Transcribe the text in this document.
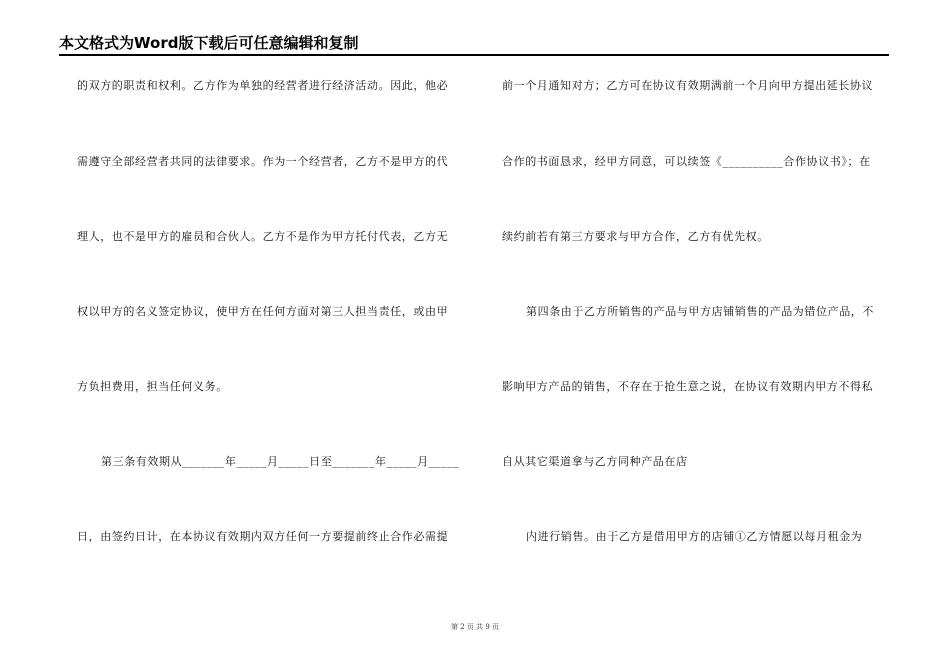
本文格式为Word版下载后可任意编辑和复制
的双方的职责和权利。乙方作为单独的经营者进行经济活动。因此，他必
需遵守全部经营者共同的法律要求。作为一个经营者，乙方不是甲方的代
理人，也不是甲方的雇员和合伙人。乙方不是作为甲方托付代表，乙方无
权以甲方的名义签定协议，使甲方在任何方面对第三人担当责任，或由甲
方负担费用，担当任何义务。
第三条有效期从_______年_____月_____日至_______年_____月_____
日，由签约日计，在本协议有效期内双方任何一方要提前终止合作必需提
前一个月通知对方；乙方可在协议有效期满前一个月向甲方提出延长协议
合作的书面恳求，经甲方同意，可以续签《__________合作协议书》；在
续约前若有第三方要求与甲方合作，乙方有优先权。
第四条由于乙方所销售的产品与甲方店铺销售的产品为错位产品，不
影响甲方产品的销售，不存在于抢生意之说，在协议有效期内甲方不得私
自从其它渠道拿与乙方同种产品在店
内进行销售。由于乙方是借用甲方的店铺①乙方情愿以每月租金为
第 2 页 共 9 页
